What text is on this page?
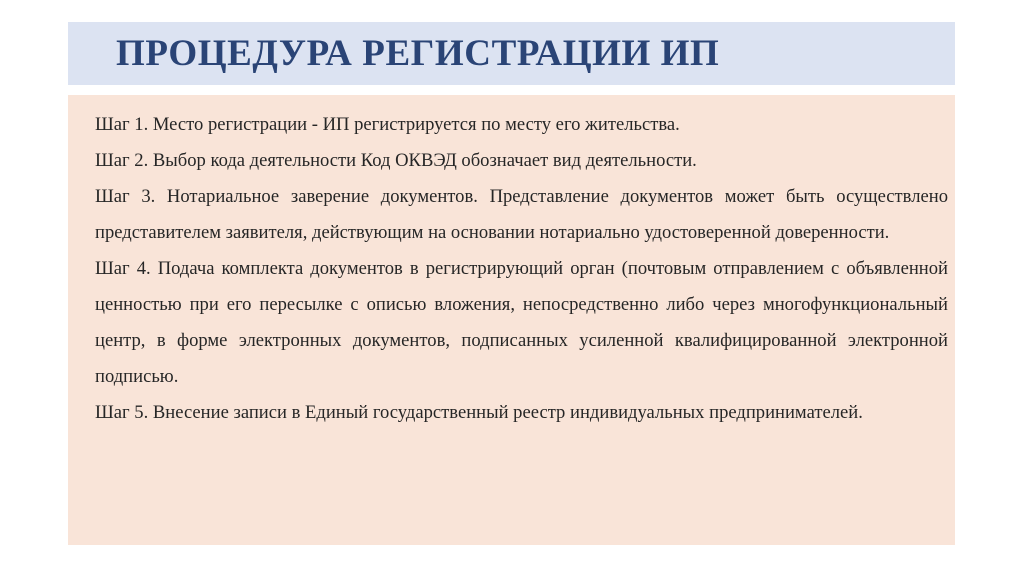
ПРОЦЕДУРА РЕГИСТРАЦИИ ИП
Шаг 1. Место регистрации - ИП регистрируется по месту его жительства.
Шаг 2. Выбор кода деятельности Код ОКВЭД обозначает вид деятельности.
Шаг 3. Нотариальное заверение документов. Представление документов может быть осуществлено представителем заявителя, действующим на основании нотариально удостоверенной доверенности.
Шаг 4. Подача комплекта документов в регистрирующий орган (почтовым отправлением с объявленной ценностью при его пересылке с описью вложения, непосредственно либо через многофункциональный центр, в форме электронных документов, подписанных усиленной квалифицированной электронной подписью.
Шаг 5. Внесение записи в Единый государственный реестр индивидуальных предпринимателей.
